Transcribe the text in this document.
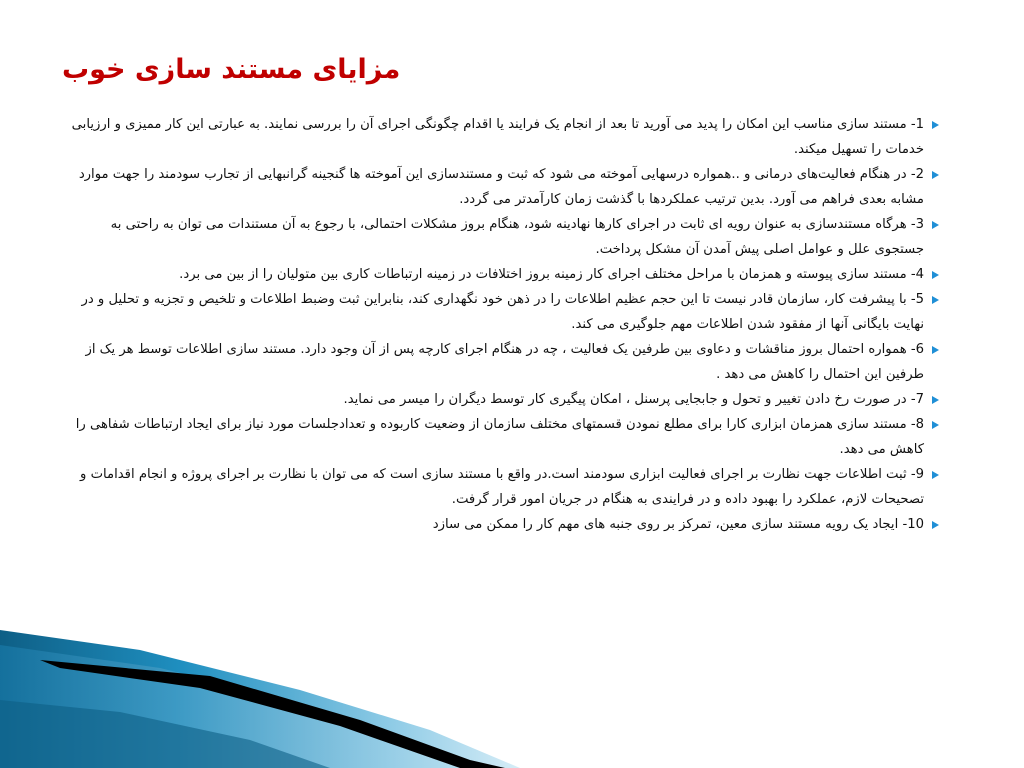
مزایای مستند سازی خوب
1- مستند سازی مناسب این امکان را پدید می آورید تا بعد از انجام یک فرایند یا اقدام چگونگی اجرای آن را بررسی نمایند. به عبارتی این کار ممیزی و ارزیابی خدمات را تسهیل میکند.
2- در هنگام فعالیت‌های درمانی و ..همواره درسهایی آموخته می شود که ثبت و مستندسازی این آموخته ها گنجینه گرانبهایی از تجارب سودمند را جهت موارد مشابه بعدی فراهم می آورد. بدین ترتیب عملکردها با گذشت زمان کارآمدتر می گردد.
3- هرگاه مستندسازی به عنوان رویه ای ثابت در اجرای کارها نهادینه شود، هنگام بروز مشکلات احتمالی، با رجوع به آن مستندات می توان به راحتی به جستجوی علل و عوامل اصلی پیش آمدن آن مشکل پرداخت.
4- مستند سازی پیوسته و همزمان با مراحل مختلف اجرای کار زمینه بروز اختلافات در زمینه ارتباطات کاری بین متولیان را از بین می برد.
5- با پیشرفت کار، سازمان قادر نیست تا این حجم عظیم اطلاعات را در ذهن خود نگهداری کند، بنابراین ثبت وضبط اطلاعات و تلخیص و تجزیه و تحلیل و در نهایت بایگانی آنها از مفقود شدن اطلاعات مهم جلوگیری می کند.
6- همواره احتمال بروز مناقشات و دعاوی بین طرفین یک فعالیت ، چه در هنگام اجرای کارچه پس از آن وجود دارد. مستند سازی اطلاعات توسط هر یک از طرفین این احتمال را کاهش می دهد .
7- در صورت رخ دادن تغییر و تحول و جابجایی پرسنل ، امکان پیگیری کار توسط دیگران را میسر می نماید.
8- مستند سازی همزمان ابزاری کارا برای مطلع نمودن قسمتهای مختلف سازمان از وضعیت کاربوده و تعدادجلسات مورد نیاز برای ایجاد ارتباطات شفاهی را کاهش می دهد.
9- ثبت اطلاعات جهت نظارت بر اجرای فعالیت ابزاری سودمند است.در واقع با مستند سازی است که می توان با نظارت بر اجرای پروژه و انجام اقدامات و تصحیحات لازم، عملکرد را بهبود داده و در فرایندی به هنگام در جریان امور قرار گرفت.
10- ایجاد یک رویه مستند سازی معین، تمرکز بر روی جنبه های مهم کار را ممکن می سازد
